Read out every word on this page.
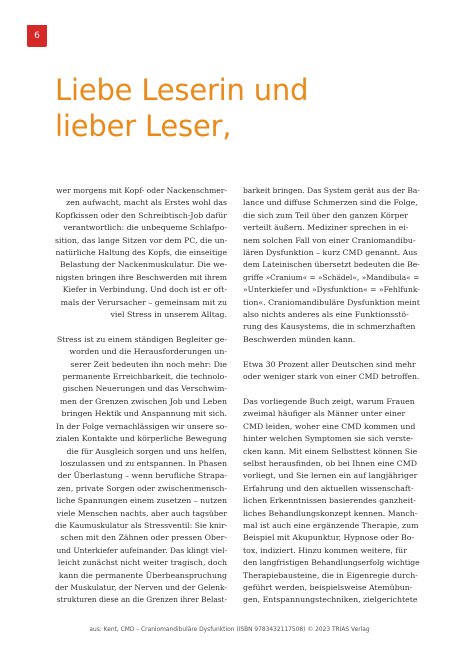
6
Liebe Leserin und
lieber Leser,

wer morgens mit Kopf- oder Nackenschmer-
zen aufwacht, macht als Erstes wohl das
Kopfkissen oder den Schreibtisch-Job dafür
verantwortlich: die unbequeme Schlafpo-
sition, das lange Sitzen vor dem PC, die un-
natürliche Haltung des Kopfs, die einseitige
Belastung der Nackenmuskulatur. Die we-
nigsten bringen ihre Beschwerden mit ihrem
Kiefer in Verbindung. Und doch ist er oft-
mals der Verursacher – gemeinsam mit zu
viel Stress in unserem Alltag.

Stress ist zu einem ständigen Begleiter ge-
worden und die Herausforderungen un-
serer Zeit bedeuten ihn noch mehr: Die
permanente Erreichbarkeit, die technolo-
gischen Neuerungen und das Verschwim-
men der Grenzen zwischen Job und Leben
bringen Hektik und Anspannung mit sich.
In der Folge vernachlässigen wir unsere so-
zialen Kontakte und körperliche Bewegung
die für Ausgleich sorgen und uns helfen,
loszulassen und zu entspannen. In Phasen
der Überlastung – wenn berufliche Strapa-
zen, private Sorgen oder zwischenmensch-
liche Spannungen einem zusetzen – nutzen
viele Menschen nachts, aber auch tagsüber
die Kaumuskulatur als Stressventil: Sie knir-
schen mit den Zähnen oder pressen Ober-
und Unterkiefer aufeinander. Das klingt viel-
leicht zunächst nicht weiter tragisch, doch
kann die permanente Überbeanspruchung
der Muskulatur, der Nerven und der Gelenk-
strukturen diese an die Grenzen ihrer Belast-

barkeit bringen. Das System gerät aus der Ba-
lance und diffuse Schmerzen sind die Folge,
die sich zum Teil über den ganzen Körper
verteilt äußern. Mediziner sprechen in ei-
nem solchen Fall von einer Craniomandibu-
lären Dysfunktion – kurz CMD genannt. Aus
dem Lateinischen übersetzt bedeuten die Be-
griffe »Cranium« = »Schädel«, »Mandibula« =
»Unterkiefer und »Dysfunktion« = »Fehlfunk-
tion«. Craniomandibuläre Dysfunktion meint
also nichts anderes als eine Funktionsstö-
rung des Kausystems, die in schmerzhaften
Beschwerden münden kann.

Etwa 30 Prozent aller Deutschen sind mehr
oder weniger stark von einer CMD betroffen.

Das vorliegende Buch zeigt, warum Frauen
zweimal häufiger als Männer unter einer
CMD leiden, woher eine CMD kommen und
hinter welchen Symptomen sie sich verste-
cken kann. Mit einem Selbsttest können Sie
selbst herausfinden, ob bei Ihnen eine CMD
vorliegt, und Sie lernen ein auf langjähriger
Erfahrung und den aktuellen wissenschaft-
lichen Erkenntnissen basierendes ganzheit-
liches Behandlungskonzept kennen. Manch-
mal ist auch eine ergänzende Therapie, zum
Beispiel mit Akupunktur, Hypnose oder Bo-
tox, indiziert. Hinzu kommen weitere, für
den langfristigen Behandlungserfolg wichtige
Therapiebausteine, die in Eigenregie durch-
geführt werden, beispielsweise Atemübun-
gen, Entspannungstechniken, zielgerichtete

aus: Kent, CMD – Craniomandibuläre Dysfunktion (ISBN 9783432117508) © 2023 TRIAS Verlag
